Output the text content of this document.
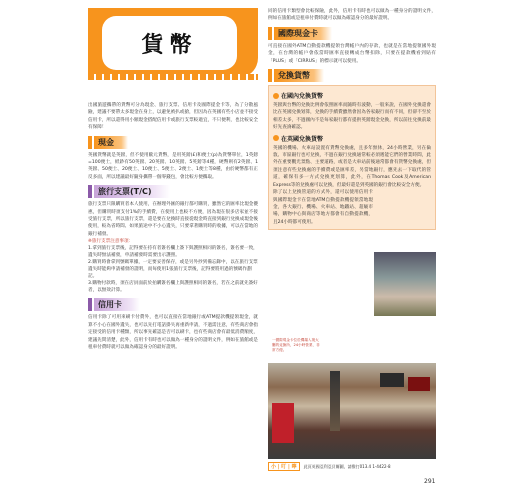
貨幣

出國旅遊攜帶的貨幣可分為現金、旅行支票、信用卡及國際提金卡等，為了分散風險，建議不要帶太多現金在身上，以避免被扒或搶，但因為在英國有些小店並不接受信用卡，所以還得用小額現金搭配信用卡或旅行支票較適宜，不只便利，也比較安全有保障！

現金

英國貨幣就是英鎊，但不使用歐元貨幣，是用英鎊(£)和便士(p)為貨幣單位，1英鎊=100便士，紙鈔有50英鎊、20英鎊、10英鎊、5英鎊等4種，硬幣則有2英鎊、1英鎊、50便士、20便士、10便士、5便士、2便士、1便士等8種，由於硬幣都有正反多面，所以建議最好隨身攜帶一個零錢包，會比較方便攜取。

旅行支票(T/C)

旅行支票只限購買者本人使用，在辦理外匯的銀行都可購買，雖然它的匯率比現金優惠，但購買時須支付1%的手續費，在使用上也較不方便，因為現在很多店家並不接受旅行支票，所以旅行支票，還是要在兌換時直接從現金時直接到銀行兌換成現金後使用，較為省時間、如果旅途中不小心遺失，只要拿著購買時的收據，可以在當地的銀行補發。

※旅行支票注意事項：
1.拿到旅行支票後，記得要在持有者簽名欄上簽下與護照相同的簽名，簽名要一致，遺失時無法補發，申請補發時需要出示護照。
2.購買時會拿到號碼單據，一定要妥善保存，或是另外抄到備忘錄中，以在旅行支票遺失時能夠申請補發的證明，而每使用1張旅行支票後，記得要將用過的號碼作劃記。
3.購物付款時，須在店員面前於拍購簽名欄上與護照相同的簽名，若在之前就先簽好者，以無效計算。
信用卡

信用卡除了可用來刷卡付費外，也可以直接在當地銀行或ATM提款機提領現金，就算不小心在國外遺失，也可以先打電話掛失再重新申請，不過需注意，有些商店會指定接受的信用卡種類，所以事先確認是否可以刷卡，也有些商店會有最低消費額度，建議先問清楚，此外，信用卡有時也可以做為一種身分的證明文件，例如在旅館或是租車付費時就可以做為確認身分的最好證明。

同的信用卡類型會比較保險，此外，信用卡有時也可以做為一種身分的證明文件，例如在旅館或是租車付費時就可以做為確認身分的最好證明。

國際現金卡

可直接在國外ATM自動提款機提領台灣帳戶內的存款，也就是在當地提領國外現金，在台灣的帳戶會依當時匯率直接轉成台幣扣除，只要在提款機看到貼有「PLUS」或「CIRRUS」的標示就可以使用。

兌換貨幣
在國內兌換貨幣

英鎊與台幣的兌換比例會依照匯率而隨時有波動，一般來說，在國外兌換還會比在英國兌換划算，兌換的手續費雖然會因為各家銀行而有不同，但卻不至於相差太多，不過國內不是每家銀行都有提供英鎊現金兌換，所以前往兌換前最好先查詢確認。

在英國兌換貨幣

英國的機場、火車站設置有貨幣兌換處，且多年無休，24小時營業，另在倫敦、市區銀行也可兌換，不過在銀行兌換通常較必須遞能它們的營業時間，此外在重要觀光景點、主要道路，或者是大車站前後通常都會有貨幣兌換處，但須注意有些兌換處的手續費或是匯率差，另當地銀行，應先去一下取代的管道，確保有多一方式兌換更划算，此外，在Thomas Cook及American Express等的兌換處可以兌換，但最好還是到英國的銀行會比較安全方便。

除了以上兌換管道的方式外，還可以使用信用卡與國際現金卡在當地ATM自動提款機提領當地現金，各大銀行、機場、火車站、地鐵站、超級市場，購物中心與商店等地方都會有自動提款機，且24小時都可使用。

一國際現金卡位於機場入境大廳的兌換所，24小時營業、非常方便。
小 | 叮 | 嚀	此頁英國亞利亞貝爾圖，請撥打013.4 1-4422-8
291
